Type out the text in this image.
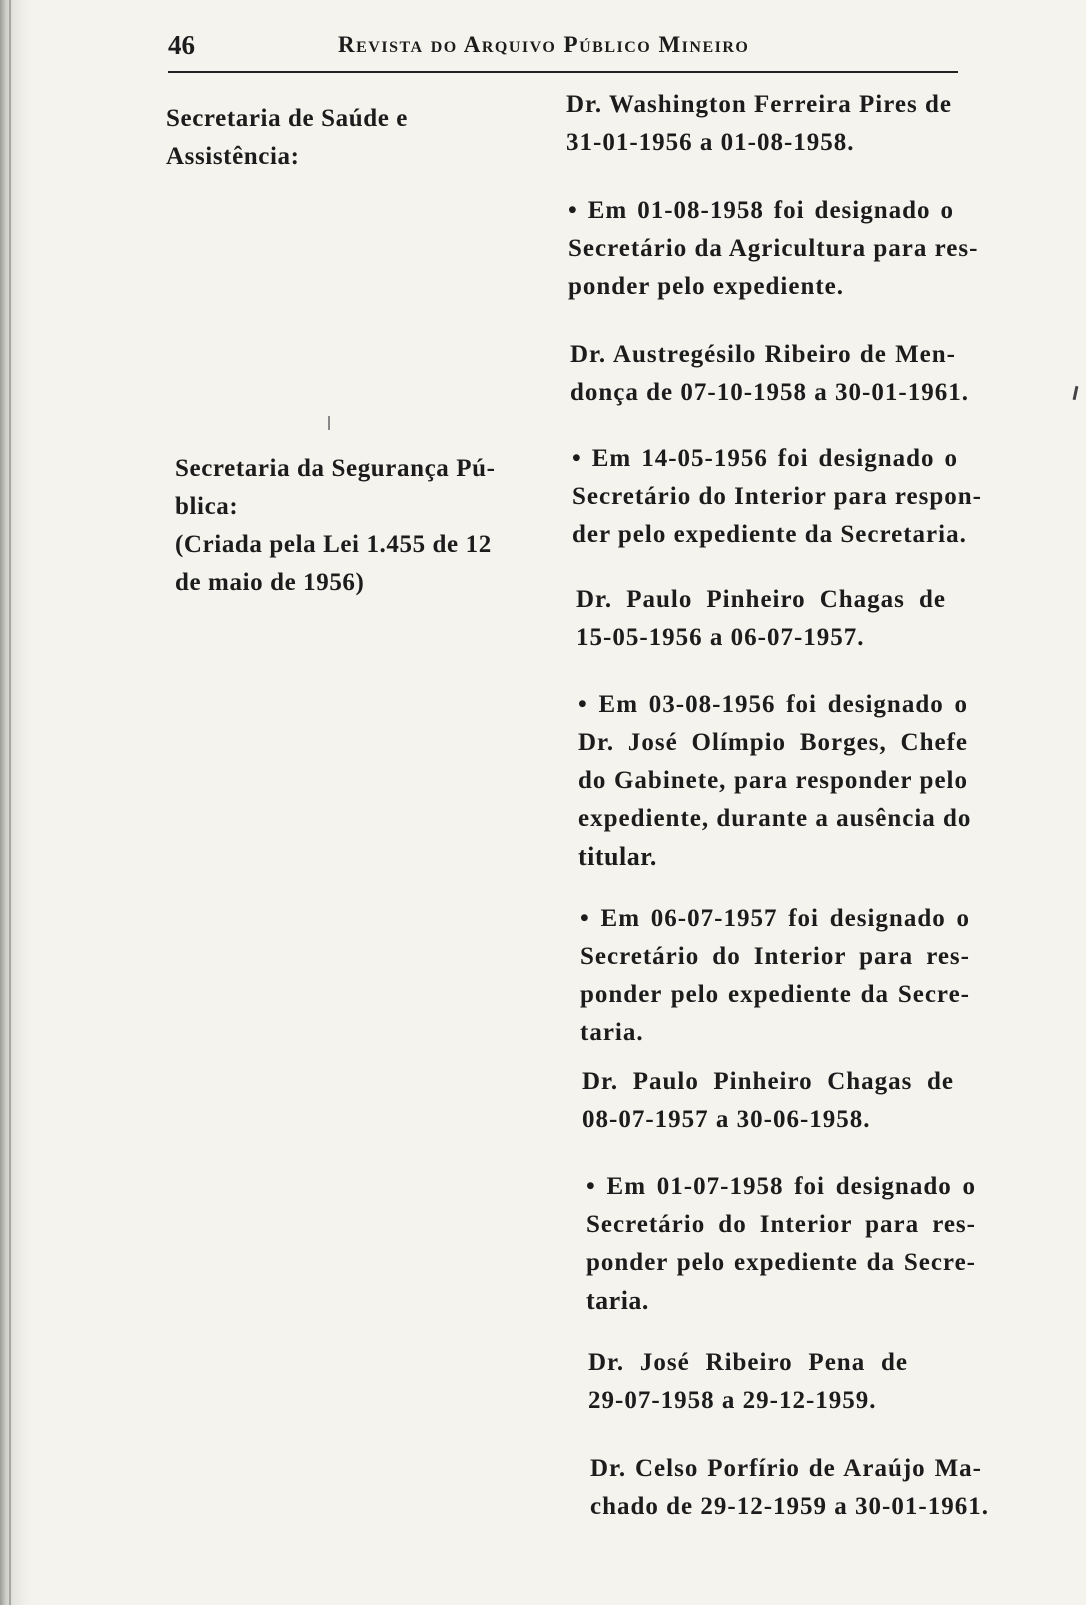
46	Revista do Arquivo Público Mineiro
Secretaria de Saúde e
Assistência:
Secretaria da Segurança Pú-
blica:
(Criada pela Lei 1.455 de 12
de maio de 1956)
Dr. Washington Ferreira Pires de
31-01-1956 a 01-08-1958.
• Em 01-08-1958 foi designado o
Secretário da Agricultura para res-
ponder pelo expediente.
Dr. Austregésilo Ribeiro de Men-
donça de 07-10-1958 a 30-01-1961.
• Em 14-05-1956 foi designado o
Secretário do Interior para respon-
der pelo expediente da Secretaria.
Dr. Paulo Pinheiro Chagas de
15-05-1956 a 06-07-1957.
• Em 03-08-1956 foi designado o
Dr. José Olímpio Borges, Chefe
do Gabinete, para responder pelo
expediente, durante a ausência do
titular.
• Em 06-07-1957 foi designado o
Secretário do Interior para res-
ponder pelo expediente da Secre-
taria.
Dr. Paulo Pinheiro Chagas de
08-07-1957 a 30-06-1958.
• Em 01-07-1958 foi designado o
Secretário do Interior para res-
ponder pelo expediente da Secre-
taria.
Dr. José Ribeiro Pena de
29-07-1958 a 29-12-1959.
Dr. Celso Porfírio de Araújo Ma-
chado de 29-12-1959 a 30-01-1961.
